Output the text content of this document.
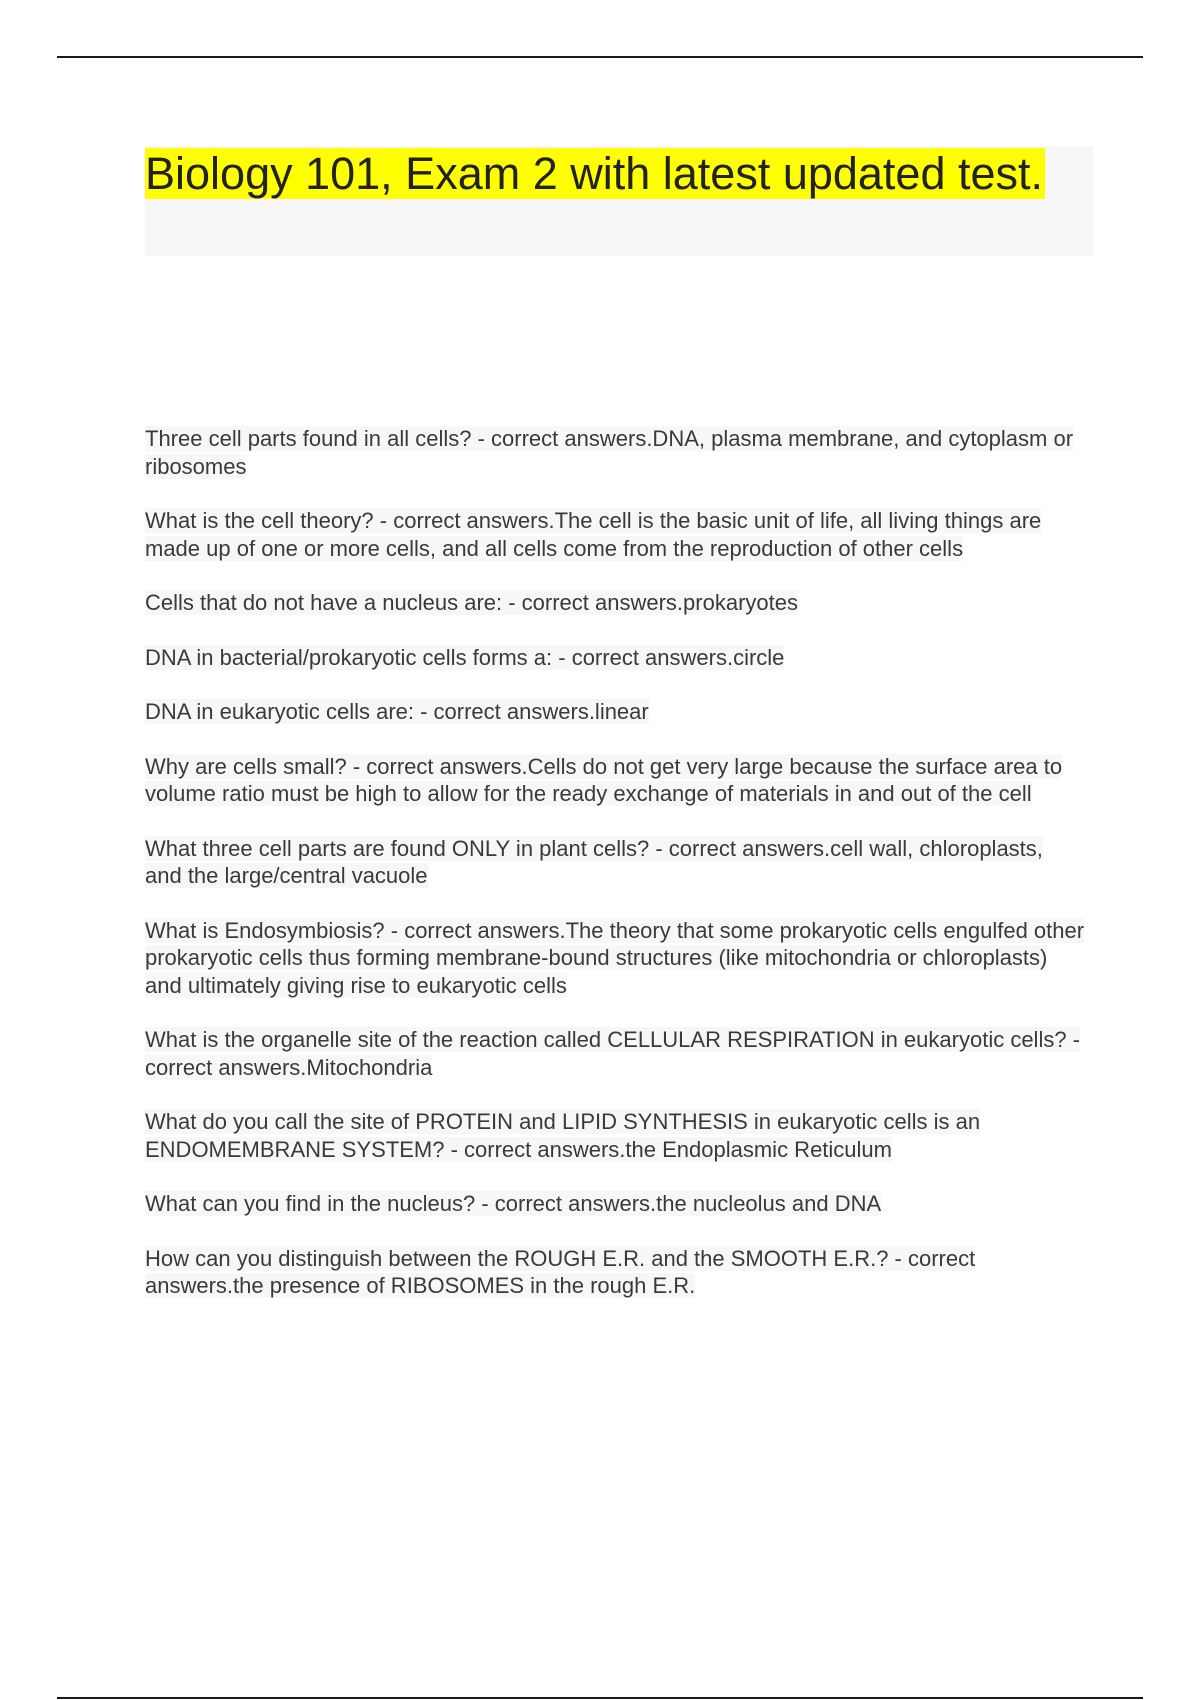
Biology 101, Exam 2 with latest updated test.
Three cell parts found in all cells? - correct answers.DNA, plasma membrane, and cytoplasm or ribosomes
What is the cell theory? - correct answers.The cell is the basic unit of life, all living things are made up of one or more cells, and all cells come from the reproduction of other cells
Cells that do not have a nucleus are: - correct answers.prokaryotes
DNA in bacterial/prokaryotic cells forms a: - correct answers.circle
DNA in eukaryotic cells are: - correct answers.linear
Why are cells small? - correct answers.Cells do not get very large because the surface area to volume ratio must be high to allow for the ready exchange of materials in and out of the cell
What three cell parts are found ONLY in plant cells? - correct answers.cell wall, chloroplasts, and the large/central vacuole
What is Endosymbiosis? - correct answers.The theory that some prokaryotic cells engulfed other prokaryotic cells thus forming membrane-bound structures (like mitochondria or chloroplasts) and ultimately giving rise to eukaryotic cells
What is the organelle site of the reaction called CELLULAR RESPIRATION in eukaryotic cells? - correct answers.Mitochondria
What do you call the site of PROTEIN and LIPID SYNTHESIS in eukaryotic cells is an ENDOMEMBRANE SYSTEM? - correct answers.the Endoplasmic Reticulum
What can you find in the nucleus? - correct answers.the nucleolus and DNA
How can you distinguish between the ROUGH E.R. and the SMOOTH E.R.? - correct answers.the presence of RIBOSOMES in the rough E.R.
